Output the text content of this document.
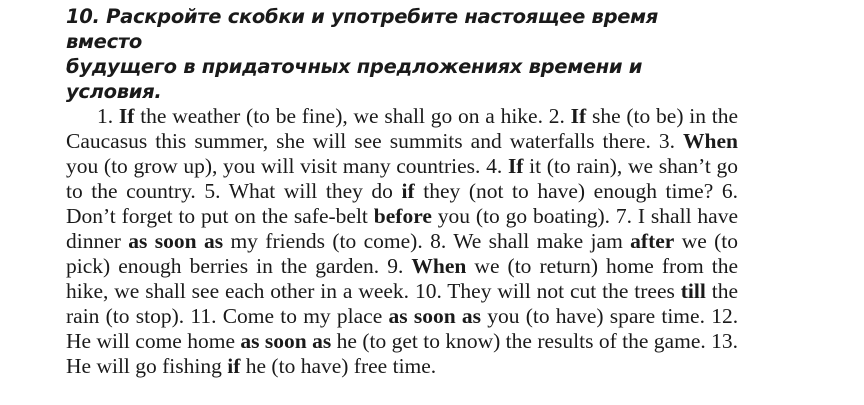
10. Раскройте скобки и употребите настоящее время вместо
будущего в придаточных предложениях времени и условия.

1. If the weather (to be fine), we shall go on a hike. 2. If she (to be) in the Caucasus this summer, she will see summits and waterfalls there. 3. When you (to grow up), you will visit many countries. 4. If it (to rain), we shan’t go to the country. 5. What will they do if they (not to have) enough time? 6. Don’t forget to put on the safe-belt before you (to go boating). 7. I shall have dinner as soon as my friends (to come). 8. We shall make jam after we (to pick) enough berries in the garden. 9. When we (to return) home from the hike, we shall see each other in a week. 10. They will not cut the trees till the rain (to stop). 11. Come to my place as soon as you (to have) spare time. 12. He will come home as soon as he (to get to know) the results of the game. 13. He will go fishing if he (to have) free time.
